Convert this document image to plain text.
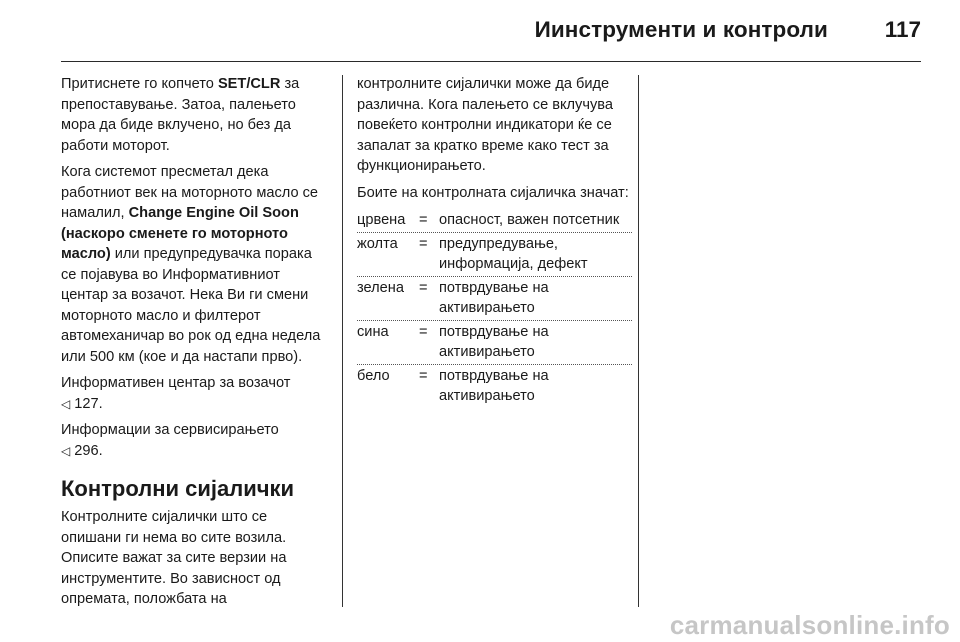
Иинструменти и контроли	117

Притиснете го копчето SET/CLR за препоставување. Затоа, палењето мора да биде вклучено, но без да работи моторот.

Кога системот пресметал дека работниот век на моторното масло се намалил, Change Engine Oil Soon (наскоро сменете го моторното масло) или предупредувачка порака се појавува во Информативниот центар за возачот. Нека Ви ги смени моторното масло и филтерот автомеханичар во рок од една недела или 500 км (кое и да настапи прво).

Информативен центар за возачот
◁ 127.

Информации за сервисирањето
◁ 296.

Контролни сијалички

Контролните сијалички што се опишани ги нема во сите возила. Описите важат за сите верзии на инструментите. Во зависност од опремата, положбата на

контролните сијалички може да биде различна. Кога палењето се вклучува повеќето контролни индикатори ќе се запалат за кратко време како тест за функционирањето.

Боите на контролната сијаличка значат:

црвена = опасност, важен потсетник
жолта	= предупредување, информација, дефект
зелена	= потврдување на активирањето
сина	= потврдување на активирањето
бело	= потврдување на активирањето
carmanualsonline.info
